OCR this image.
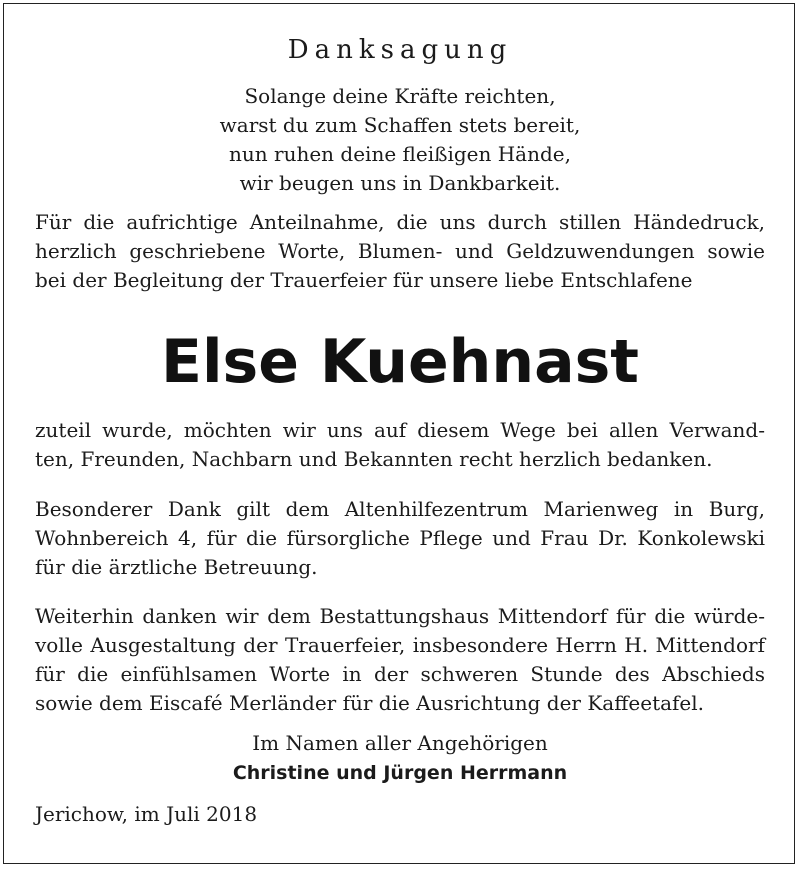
Danksagung
Solange deine Kräfte reichten,
warst du zum Schaffen stets bereit,
nun ruhen deine fleißigen Hände,
wir beugen uns in Dankbarkeit.
Für die aufrichtige Anteilnahme, die uns durch stillen Händedruck,
herzlich geschriebene Worte, Blumen- und Geldzuwendungen sowie
bei der Begleitung der Trauerfeier für unsere liebe Entschlafene
Else Kuehnast
zuteil wurde, möchten wir uns auf diesem Wege bei allen Verwand-
ten, Freunden, Nachbarn und Bekannten recht herzlich bedanken.
Besonderer Dank gilt dem Altenhilfezentrum Marienweg in Burg,
Wohnbereich 4, für die fürsorgliche Pflege und Frau Dr. Konkolewski
für die ärztliche Betreuung.
Weiterhin danken wir dem Bestattungshaus Mittendorf für die würde-
volle Ausgestaltung der Trauerfeier, insbesondere Herrn H. Mittendorf
für die einfühlsamen Worte in der schweren Stunde des Abschieds
sowie dem Eiscafé Merländer für die Ausrichtung der Kaffeetafel.
Im Namen aller Angehörigen
Christine und Jürgen Herrmann
Jerichow, im Juli 2018
